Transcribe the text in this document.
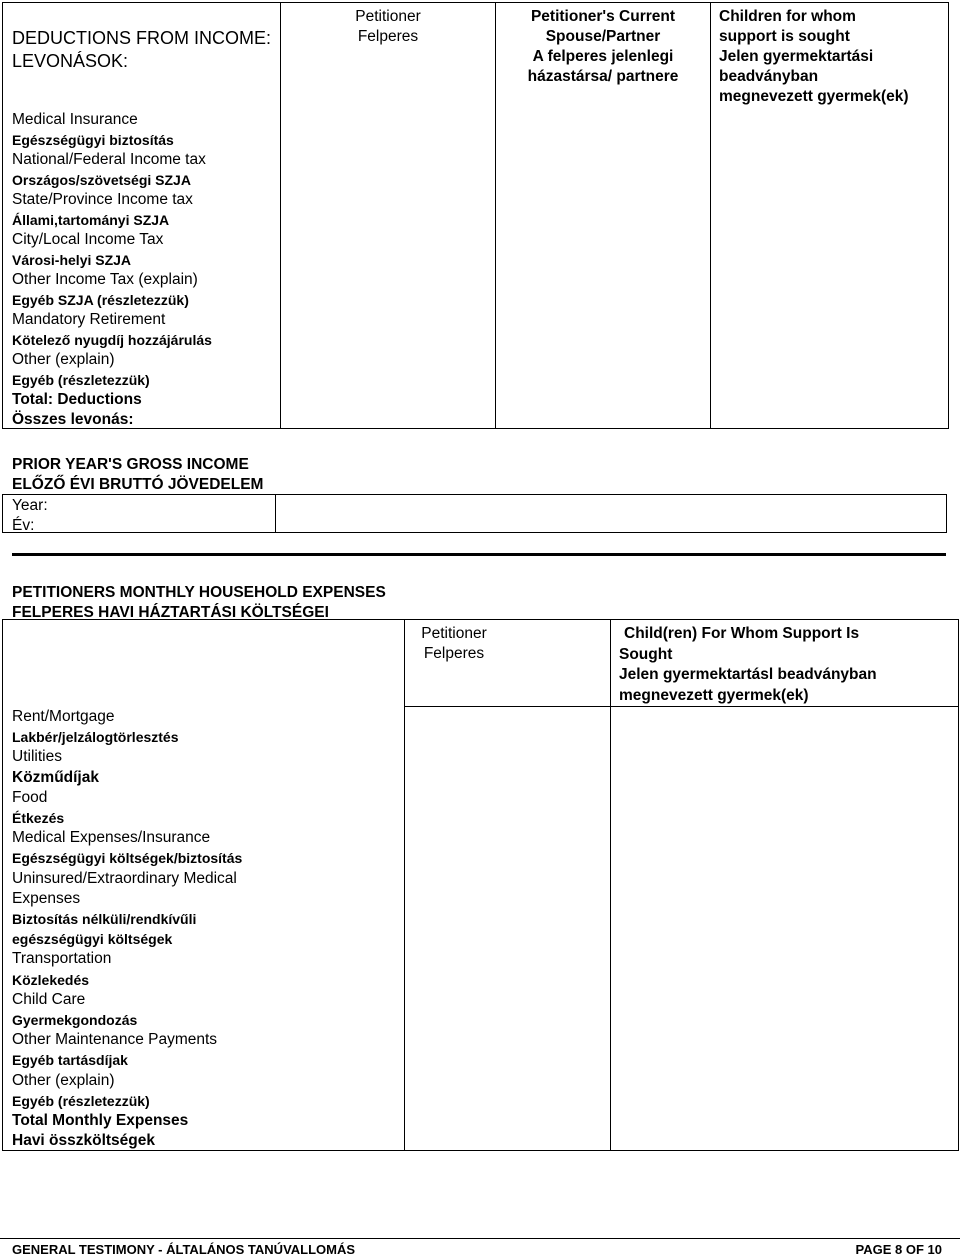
DEDUCTIONS FROM INCOME:
LEVONÁSOK:
Medical Insurance
Egészségügyi biztosítás
National/Federal Income tax
Országos/szövetségi SZJA
State/Province Income tax
Állami,tartományi SZJA
City/Local Income Tax
Városi-helyi SZJA
Other Income Tax (explain)
Egyéb SZJA (részletezzük)
Mandatory Retirement
Kötelező nyugdíj hozzájárulás
Other (explain)
Egyéb (részletezzük)
Total: Deductions
Összes levonás:
Petitioner
Felperes
Petitioner's Current
Spouse/Partner
A felperes jelenlegi
házastársa/ partnere
Children for whom
support is sought
Jelen gyermektartási
beadványban
megnevezett gyermek(ek)
PRIOR YEAR'S GROSS INCOME
ELŐZŐ ÉVI BRUTTÓ JÖVEDELEM
Year:
Év:
PETITIONERS MONTHLY HOUSEHOLD EXPENSES
FELPERES HAVI HÁZTARTÁSI KÖLTSÉGEI
Petitioner
Felperes
Child(ren) For Whom Support Is
Sought
Jelen gyermektartásl beadványban
megnevezett gyermek(ek)
Rent/Mortgage
Lakbér/jelzálogtörlesztés
Utilities
Közműdíjak
Food
Étkezés
Medical Expenses/Insurance
Egészségügyi költségek/biztosítás
Uninsured/Extraordinary Medical
Expenses
Biztosítás nélküli/rendkívűli
egészségügyi költségek
Transportation
Közlekedés
Child Care
Gyermekgondozás
Other Maintenance Payments
Egyéb tartásdíjak
Other (explain)
Egyéb (részletezzük)
Total Monthly Expenses
Havi összköltségek
GENERAL TESTIMONY - ÁLTALÁNOS TANÚVALLOMÁS	PAGE 8 OF 10
